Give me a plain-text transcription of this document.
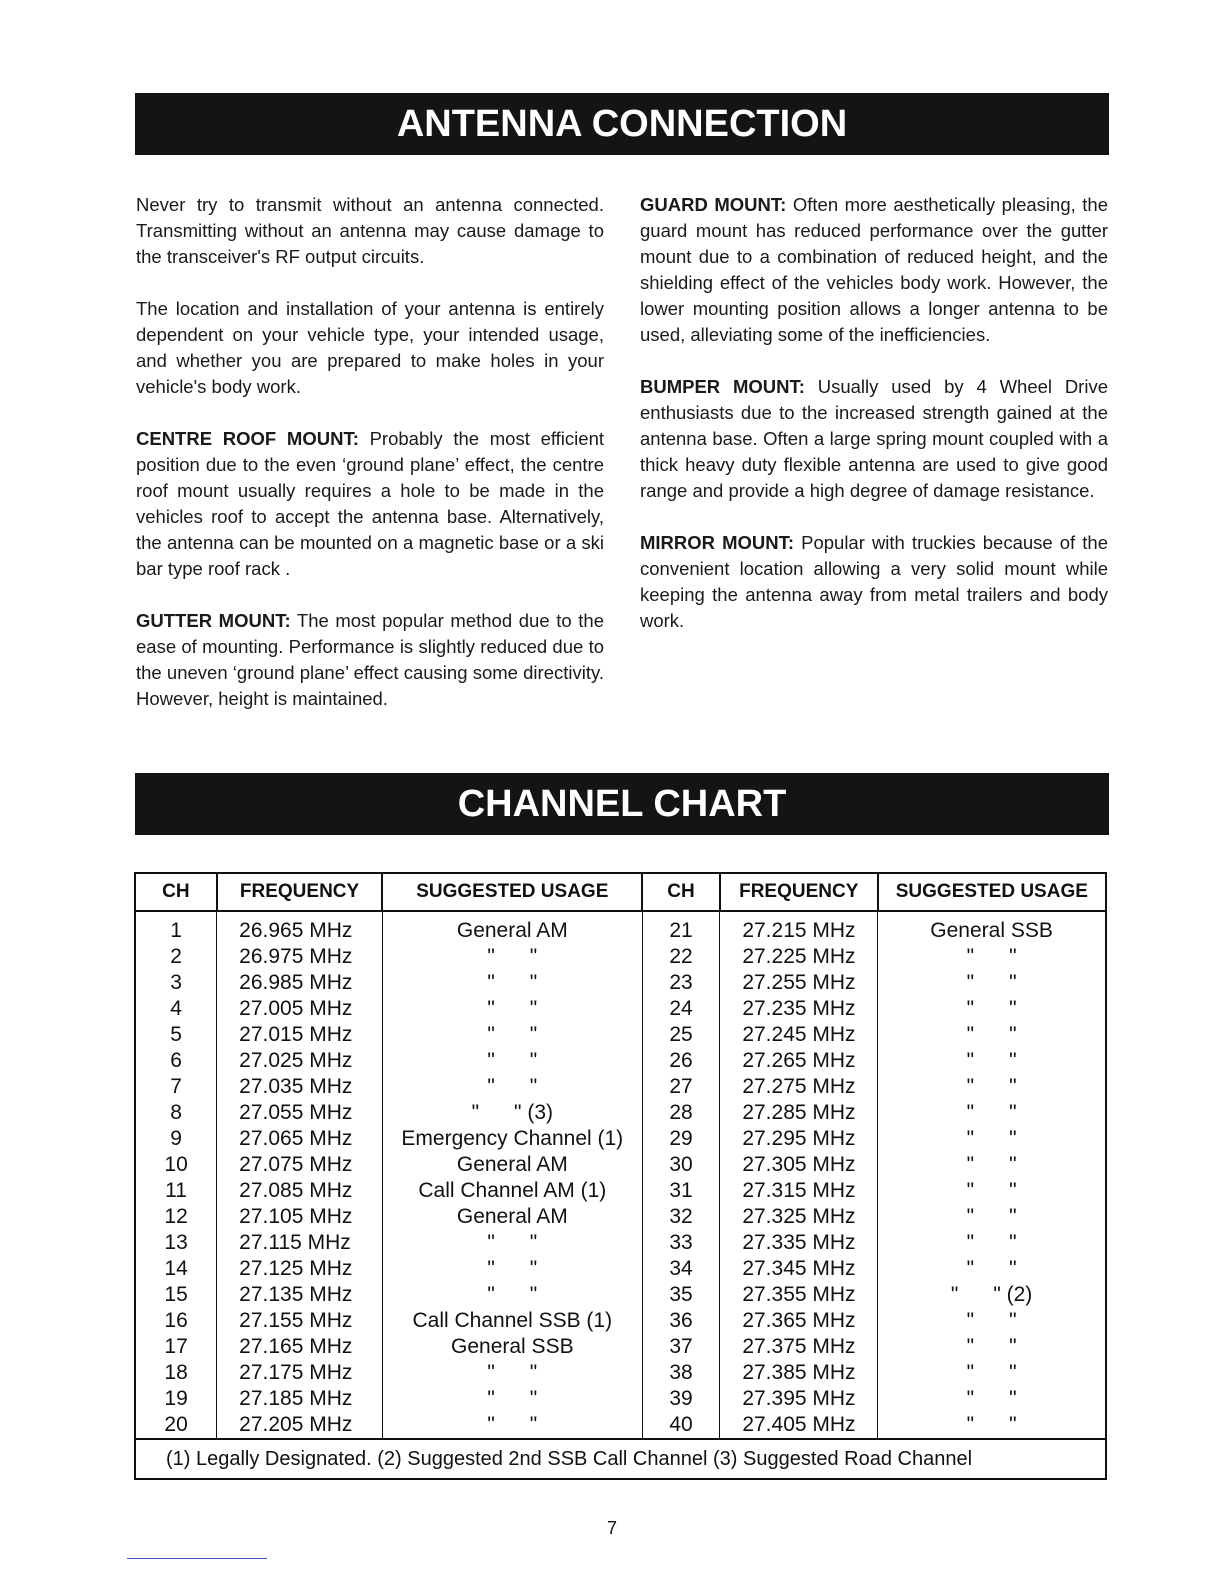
ANTENNA CONNECTION

Never try to transmit without an antenna connected. Transmitting without an antenna may cause damage to the transceiver's RF output circuits.

The location and installation of your antenna is entirely dependent on your vehicle type, your intended usage, and whether you are prepared to make holes in your vehicle's body work.

CENTRE ROOF MOUNT: Probably the most efficient position due to the even ‘ground plane’ effect, the centre roof mount usually requires a hole to be made in the vehicles roof to accept the antenna base. Alternatively, the antenna can be mounted on a magnetic base or a ski bar type roof rack .

GUTTER MOUNT: The most popular method due to the ease of mounting. Performance is slightly reduced due to the uneven ‘ground plane’ effect causing some directivity. However, height is maintained.

GUARD MOUNT: Often more aesthetically pleasing, the guard mount has reduced performance over the gutter mount due to a combination of reduced height, and the shielding effect of the vehicles body work. However, the lower mounting position allows a longer antenna to be used, alleviating some of the inefficiencies.

BUMPER MOUNT: Usually used by 4 Wheel Drive enthusiasts due to the increased strength gained at the antenna base. Often a large spring mount coupled with a thick heavy duty flexible antenna are used to give good range and provide a high degree of damage resistance.

MIRROR MOUNT: Popular with truckies because of the convenient location allowing a very solid mount while keeping the antenna away from metal trailers and body work.

CHANNEL CHART
CH	FREQUENCY	SUGGESTED USAGE	CH	FREQUENCY	SUGGESTED USAGE
1	26.965 MHz	General AM	21	27.215 MHz	General SSB
2	26.975 MHz	"      "	22	27.225 MHz	"      "
3	26.985 MHz	"      "	23	27.255 MHz	"      "
4	27.005 MHz	"      "	24	27.235 MHz	"      "
5	27.015 MHz	"      "	25	27.245 MHz	"      "
6	27.025 MHz	"      "	26	27.265 MHz	"      "
7	27.035 MHz	"      "	27	27.275 MHz	"      "
8	27.055 MHz	"      " (3)	28	27.285 MHz	"      "
9	27.065 MHz	Emergency Channel (1)	29	27.295 MHz	"      "
10	27.075 MHz	General AM	30	27.305 MHz	"      "
11	27.085 MHz	Call Channel AM (1)	31	27.315 MHz	"      "
12	27.105 MHz	General AM	32	27.325 MHz	"      "
13	27.115 MHz	"      "	33	27.335 MHz	"      "
14	27.125 MHz	"      "	34	27.345 MHz	"      "
15	27.135 MHz	"      "	35	27.355 MHz	"      " (2)
16	27.155 MHz	Call Channel SSB (1)	36	27.365 MHz	"      "
17	27.165 MHz	General SSB	37	27.375 MHz	"      "
18	27.175 MHz	"      "	38	27.385 MHz	"      "
19	27.185 MHz	"      "	39	27.395 MHz	"      "
20	27.205 MHz	"      "	40	27.405 MHz	"      "
(1) Legally Designated. (2) Suggested 2nd SSB Call Channel (3) Suggested Road Channel					
7
